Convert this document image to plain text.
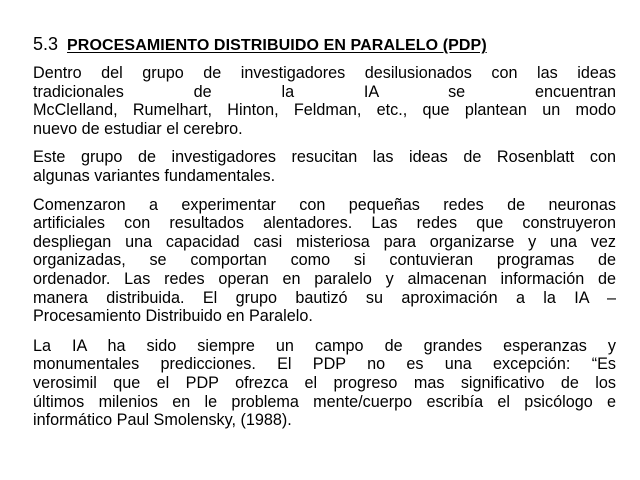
5.3 PROCESAMIENTO DISTRIBUIDO EN PARALELO (PDP)

Dentro del grupo de investigadores desilusionados con las ideas
tradicionales de la IA se encuentran
McClelland, Rumelhart, Hinton, Feldman, etc., que plantean un modo
nuevo de estudiar el cerebro.

Este grupo de investigadores resucitan las ideas de Rosenblatt con
algunas variantes fundamentales.

Comenzaron a experimentar con pequeñas redes de neuronas
artificiales con resultados alentadores. Las redes que construyeron
despliegan una capacidad casi misteriosa para organizarse y una vez
organizadas, se comportan como si contuvieran programas de
ordenador. Las redes operan en paralelo y almacenan información de
manera distribuida. El grupo bautizó su aproximación a la IA –
Procesamiento Distribuido en Paralelo.

La IA ha sido siempre un campo de grandes esperanzas y
monumentales predicciones. El PDP no es una excepción: “Es
verosimil que el PDP ofrezca el progreso mas significativo de los
últimos milenios en le problema mente/cuerpo escribía el psicólogo e
informático Paul Smolensky, (1988).
